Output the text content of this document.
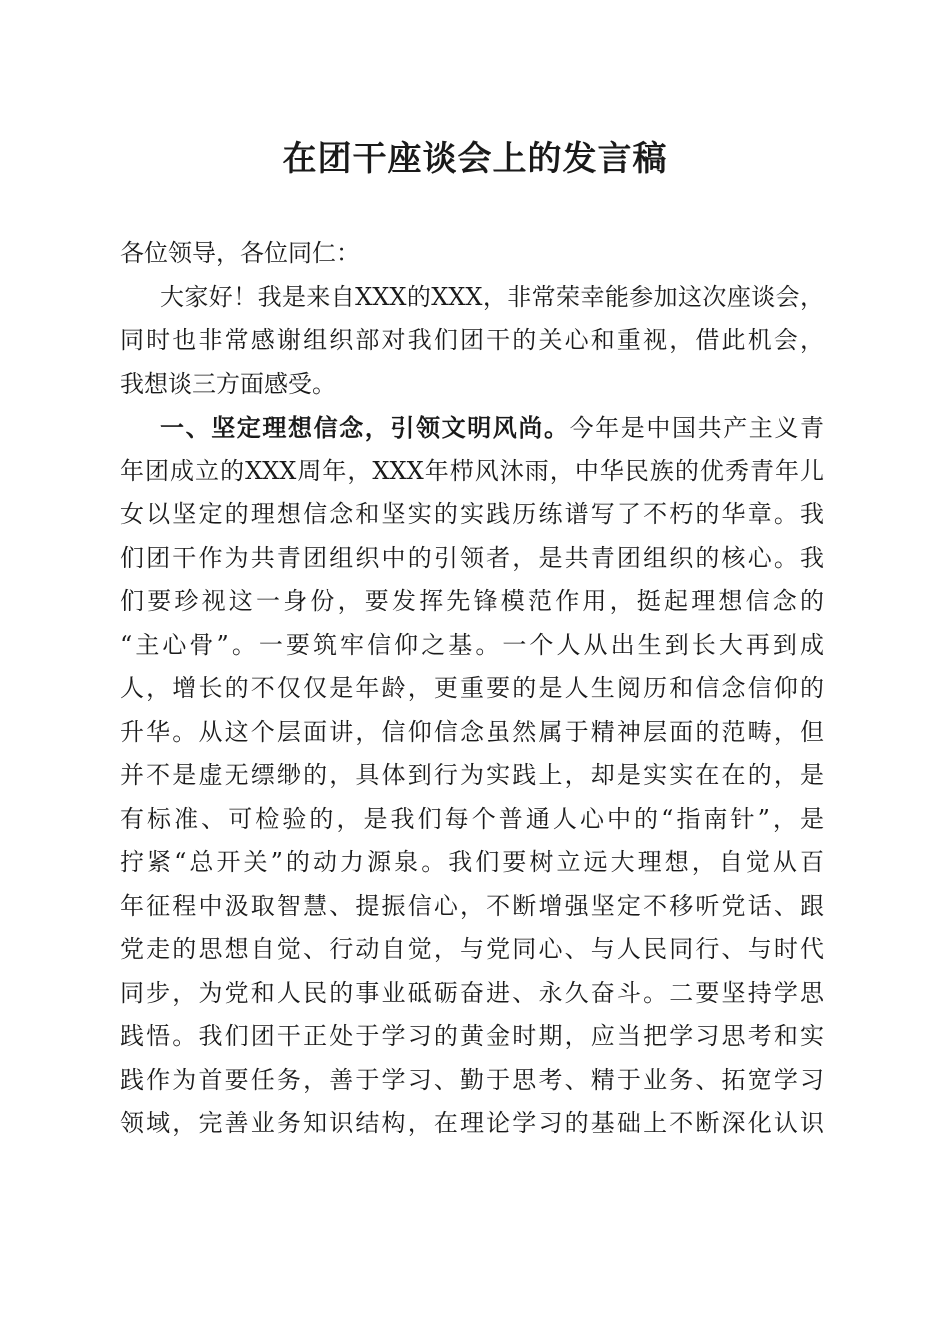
在团干座谈会上的发言稿
各位领导，各位同仁：
大家好！我是来自XXX的XXX，非常荣幸能参加这次座谈会，
同时也非常感谢组织部对我们团干的关心和重视，借此机会，
我想谈三方面感受。
一、坚定理想信念，引领文明风尚。今年是中国共产主义青
年团成立的XXX周年，XXX年栉风沐雨，中华民族的优秀青年儿
女以坚定的理想信念和坚实的实践历练谱写了不朽的华章。我
们团干作为共青团组织中的引领者，是共青团组织的核心。我
们要珍视这一身份，要发挥先锋模范作用，挺起理想信念的
“主心骨”。一要筑牢信仰之基。一个人从出生到长大再到成
人，增长的不仅仅是年龄，更重要的是人生阅历和信念信仰的
升华。从这个层面讲，信仰信念虽然属于精神层面的范畴，但
并不是虚无缥缈的，具体到行为实践上，却是实实在在的，是
有标准、可检验的，是我们每个普通人心中的“指南针”，是
拧紧“总开关”的动力源泉。我们要树立远大理想，自觉从百
年征程中汲取智慧、提振信心，不断增强坚定不移听党话、跟
党走的思想自觉、行动自觉，与党同心、与人民同行、与时代
同步，为党和人民的事业砥砺奋进、永久奋斗。二要坚持学思
践悟。我们团干正处于学习的黄金时期，应当把学习思考和实
践作为首要任务，善于学习、勤于思考、精于业务、拓宽学习
领域，完善业务知识结构，在理论学习的基础上不断深化认识
